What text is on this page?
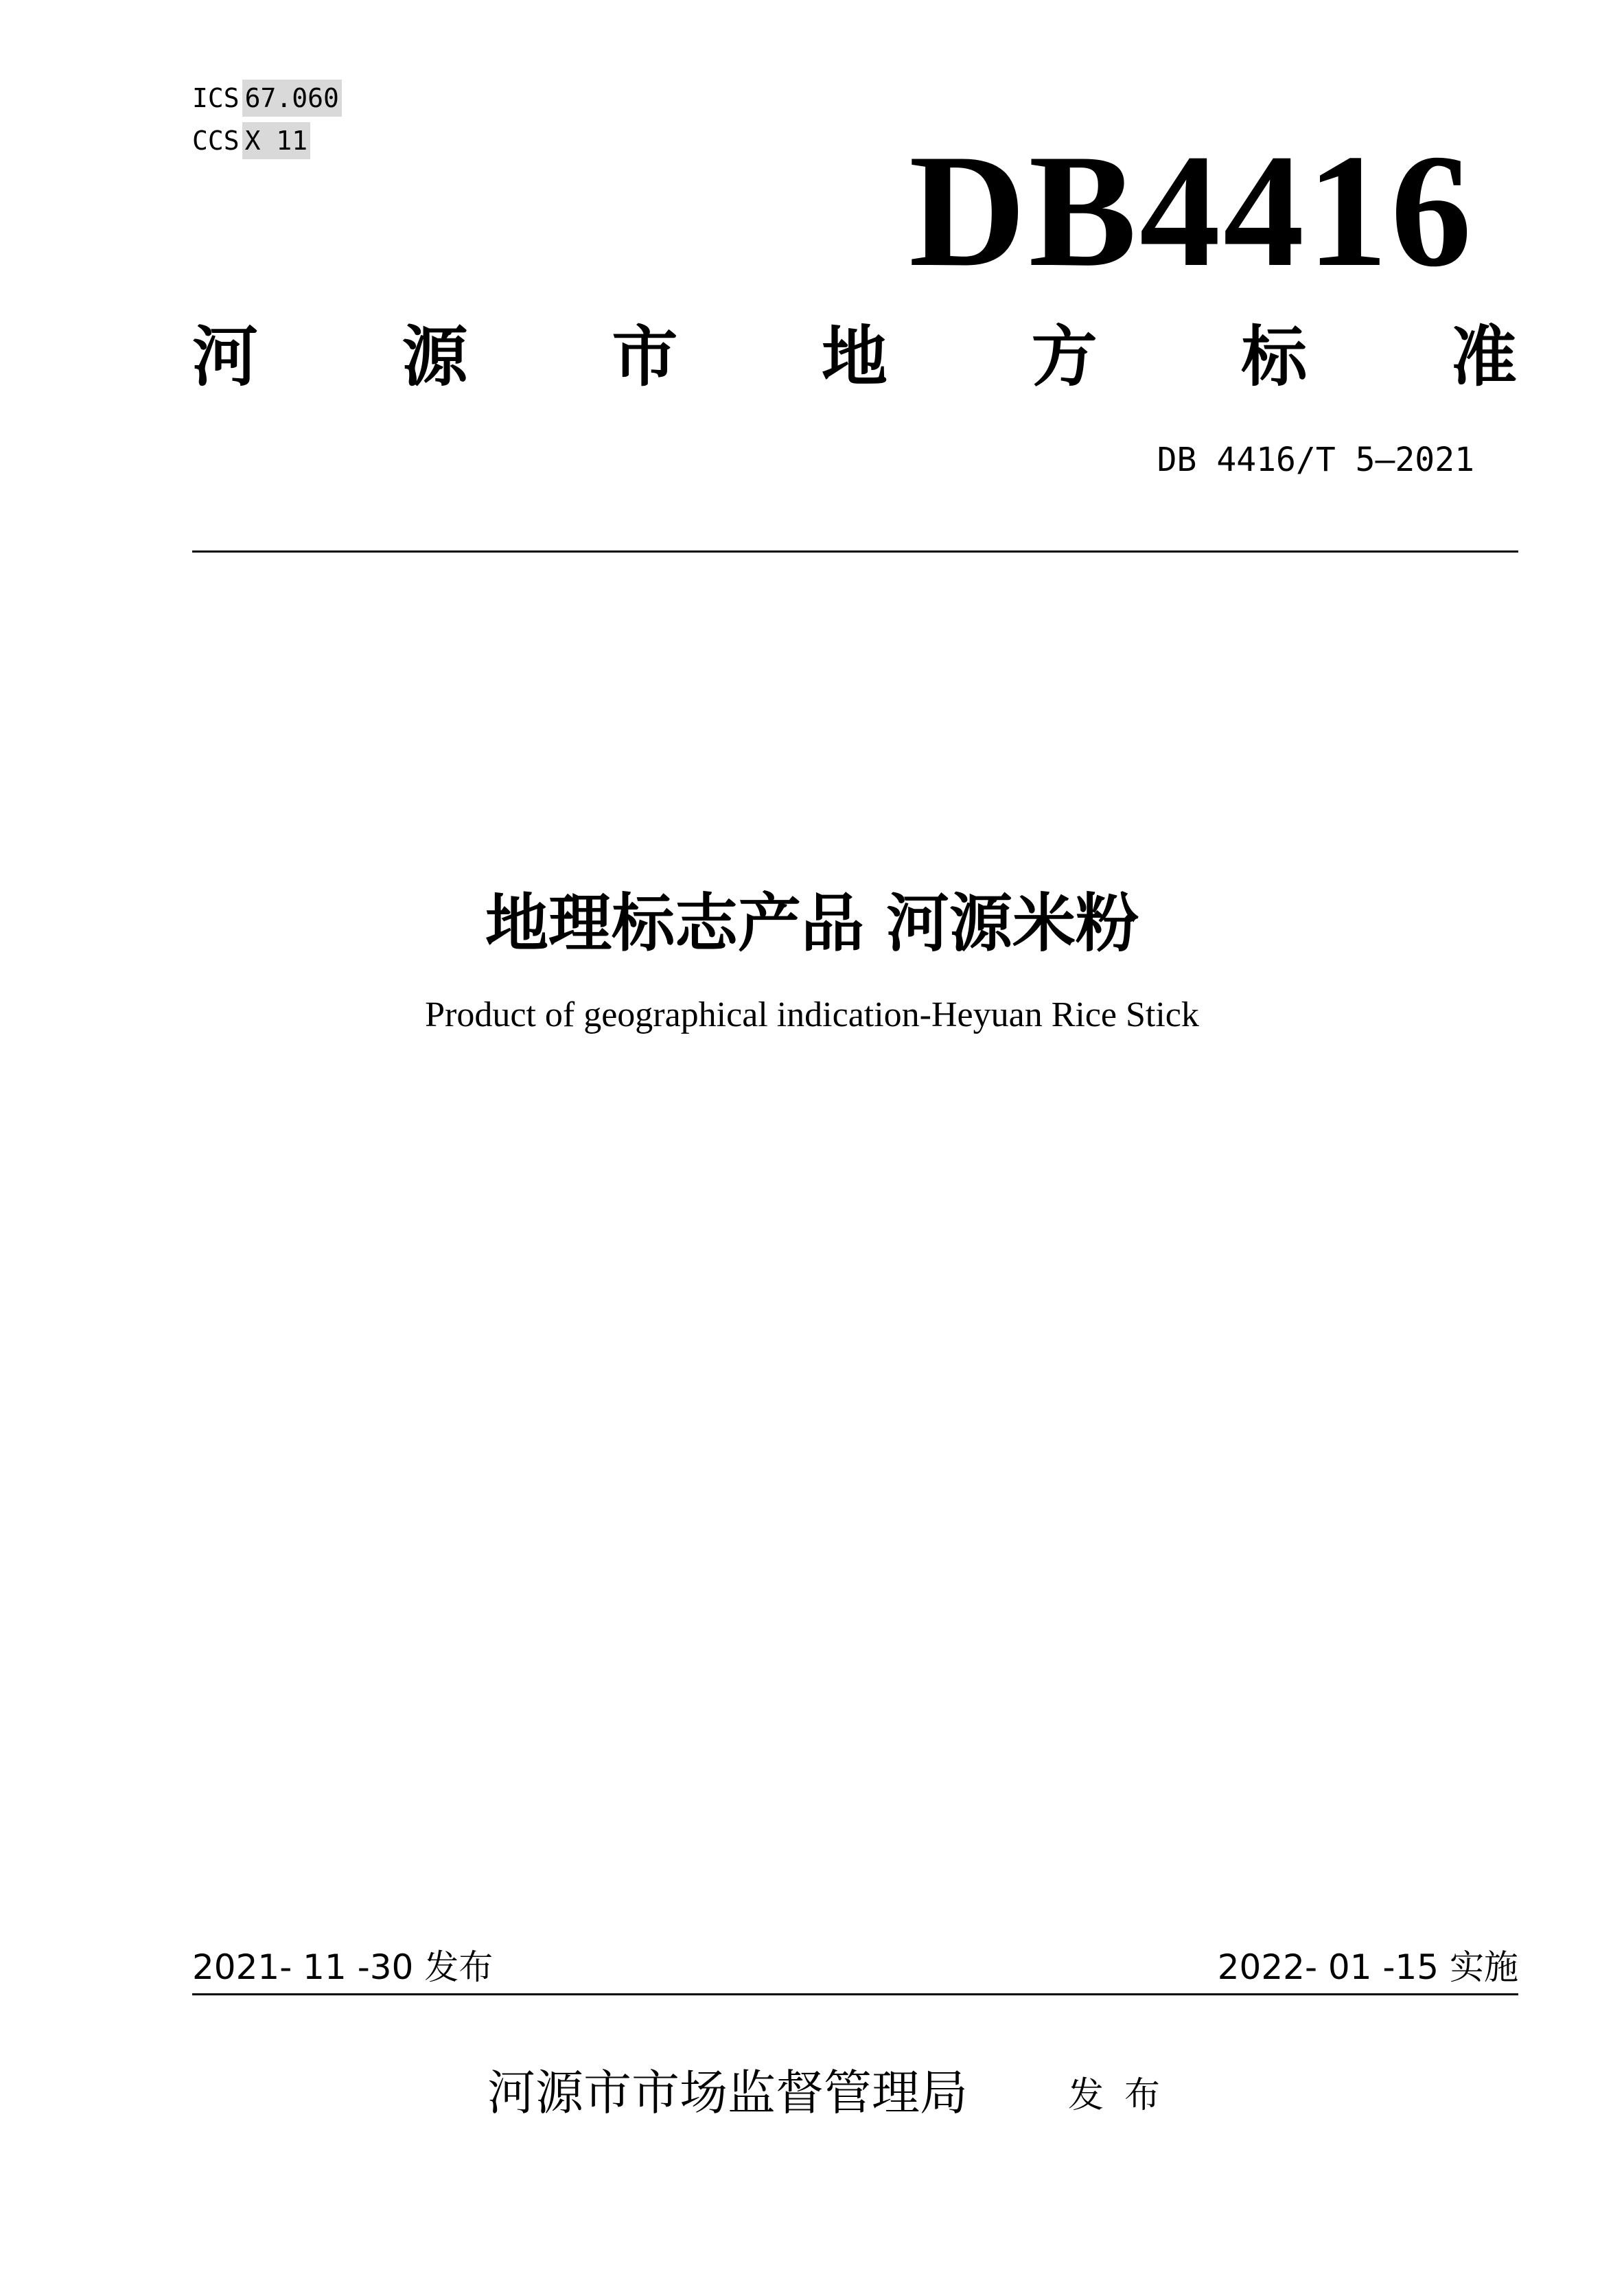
ICS 67.060
CCS X 11	DB4416
河 源 市 地 方 标 准
DB 4416/T 5—2021
地理标志产品 河源米粉
Product of geographical indication-Heyuan Rice Stick
2021- 11 -30 发布	2022- 01 -15 实施
河源市市场监督管理局	发布
